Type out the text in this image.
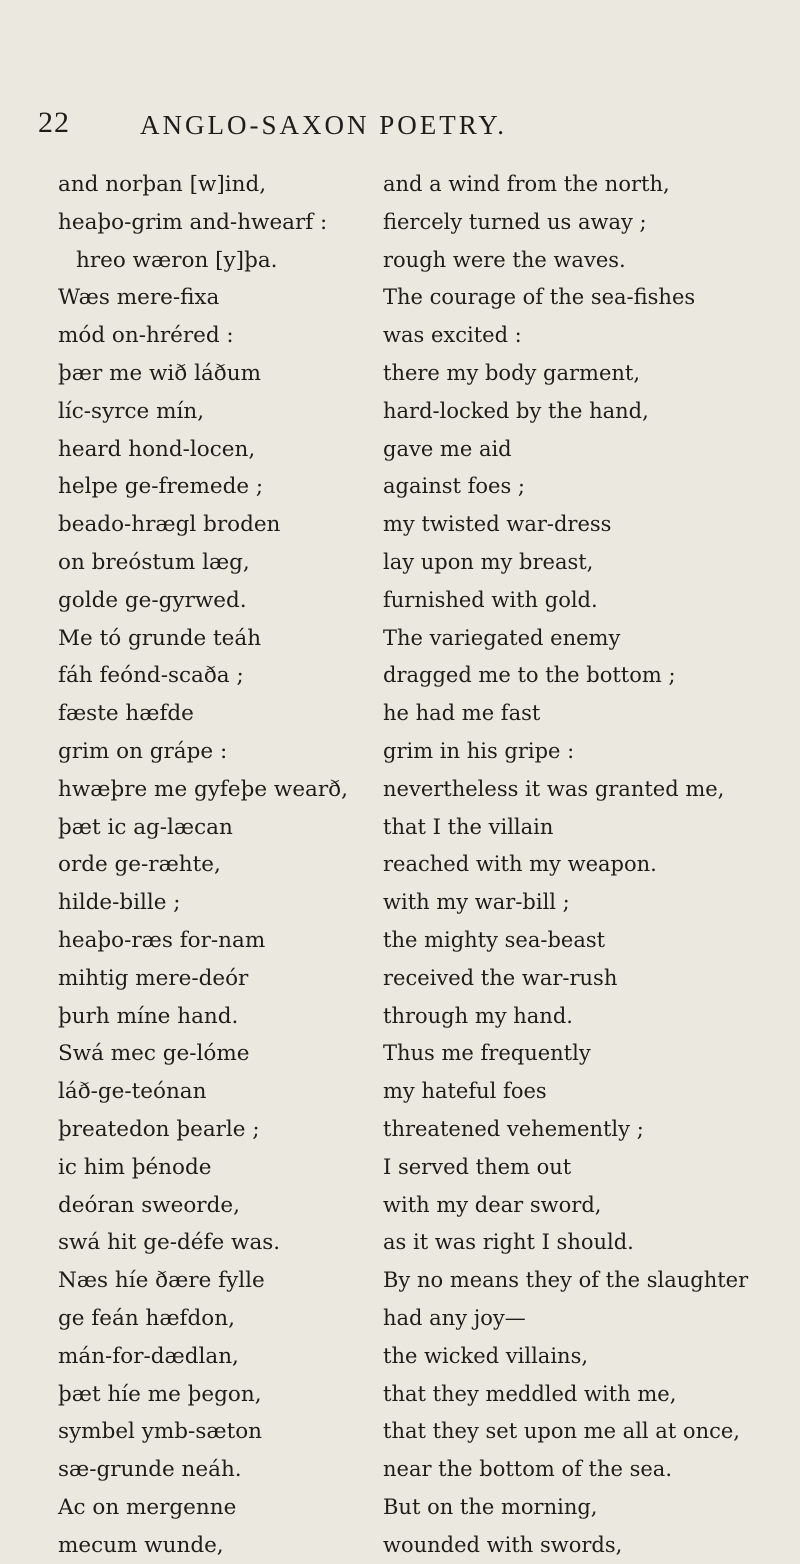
22	ANGLO-SAXON POETRY.
and norþan [w]ind,
heaþo-grim and-hwearf :
hreo wæron [y]þa.
Wæs mere-fixa
mód on-hréred :
þær me wið láðum
líc-syrce mín,
heard hond-locen,
helpe ge-fremede ;
beado-hrægl broden
on breóstum læg,
golde ge-gyrwed.
Me tó grunde teáh
fáh feónd-scaða ;
fæste hæfde
grim on grápe :
hwæþre me gyfeþe wearð,
þæt ic ag-læcan
orde ge-ræhte,
hilde-bille ;
heaþo-ræs for-nam
mihtig mere-deór
þurh míne hand.
Swá mec ge-lóme
láð-ge-teónan
þreatedon þearle ;
ic him þénode
deóran sweorde,
swá hit ge-défe was.
Næs híe ðære fylle
ge feán hæfdon,
mán-for-dædlan,
þæt híe me þegon,
symbel ymb-sæton
sæ-grunde neáh.
Ac on mergenne
mecum wunde,
and a wind from the north,
fiercely turned us away ;
rough were the waves.
The courage of the sea-fishes
was excited :
there my body garment,
hard-locked by the hand,
gave me aid
against foes ;
my twisted war-dress
lay upon my breast,
furnished with gold.
The variegated enemy
dragged me to the bottom ;
he had me fast
grim in his gripe :
nevertheless it was granted me,
that I the villain
reached with my weapon.
with my war-bill ;
the mighty sea-beast
received the war-rush
through my hand.
Thus me frequently
my hateful foes
threatened vehemently ;
I served them out
with my dear sword,
as it was right I should.
By no means they of the slaughter
had any joy—
the wicked villains,
that they meddled with me,
that they set upon me all at once,
near the bottom of the sea.
But on the morning,
wounded with swords,
